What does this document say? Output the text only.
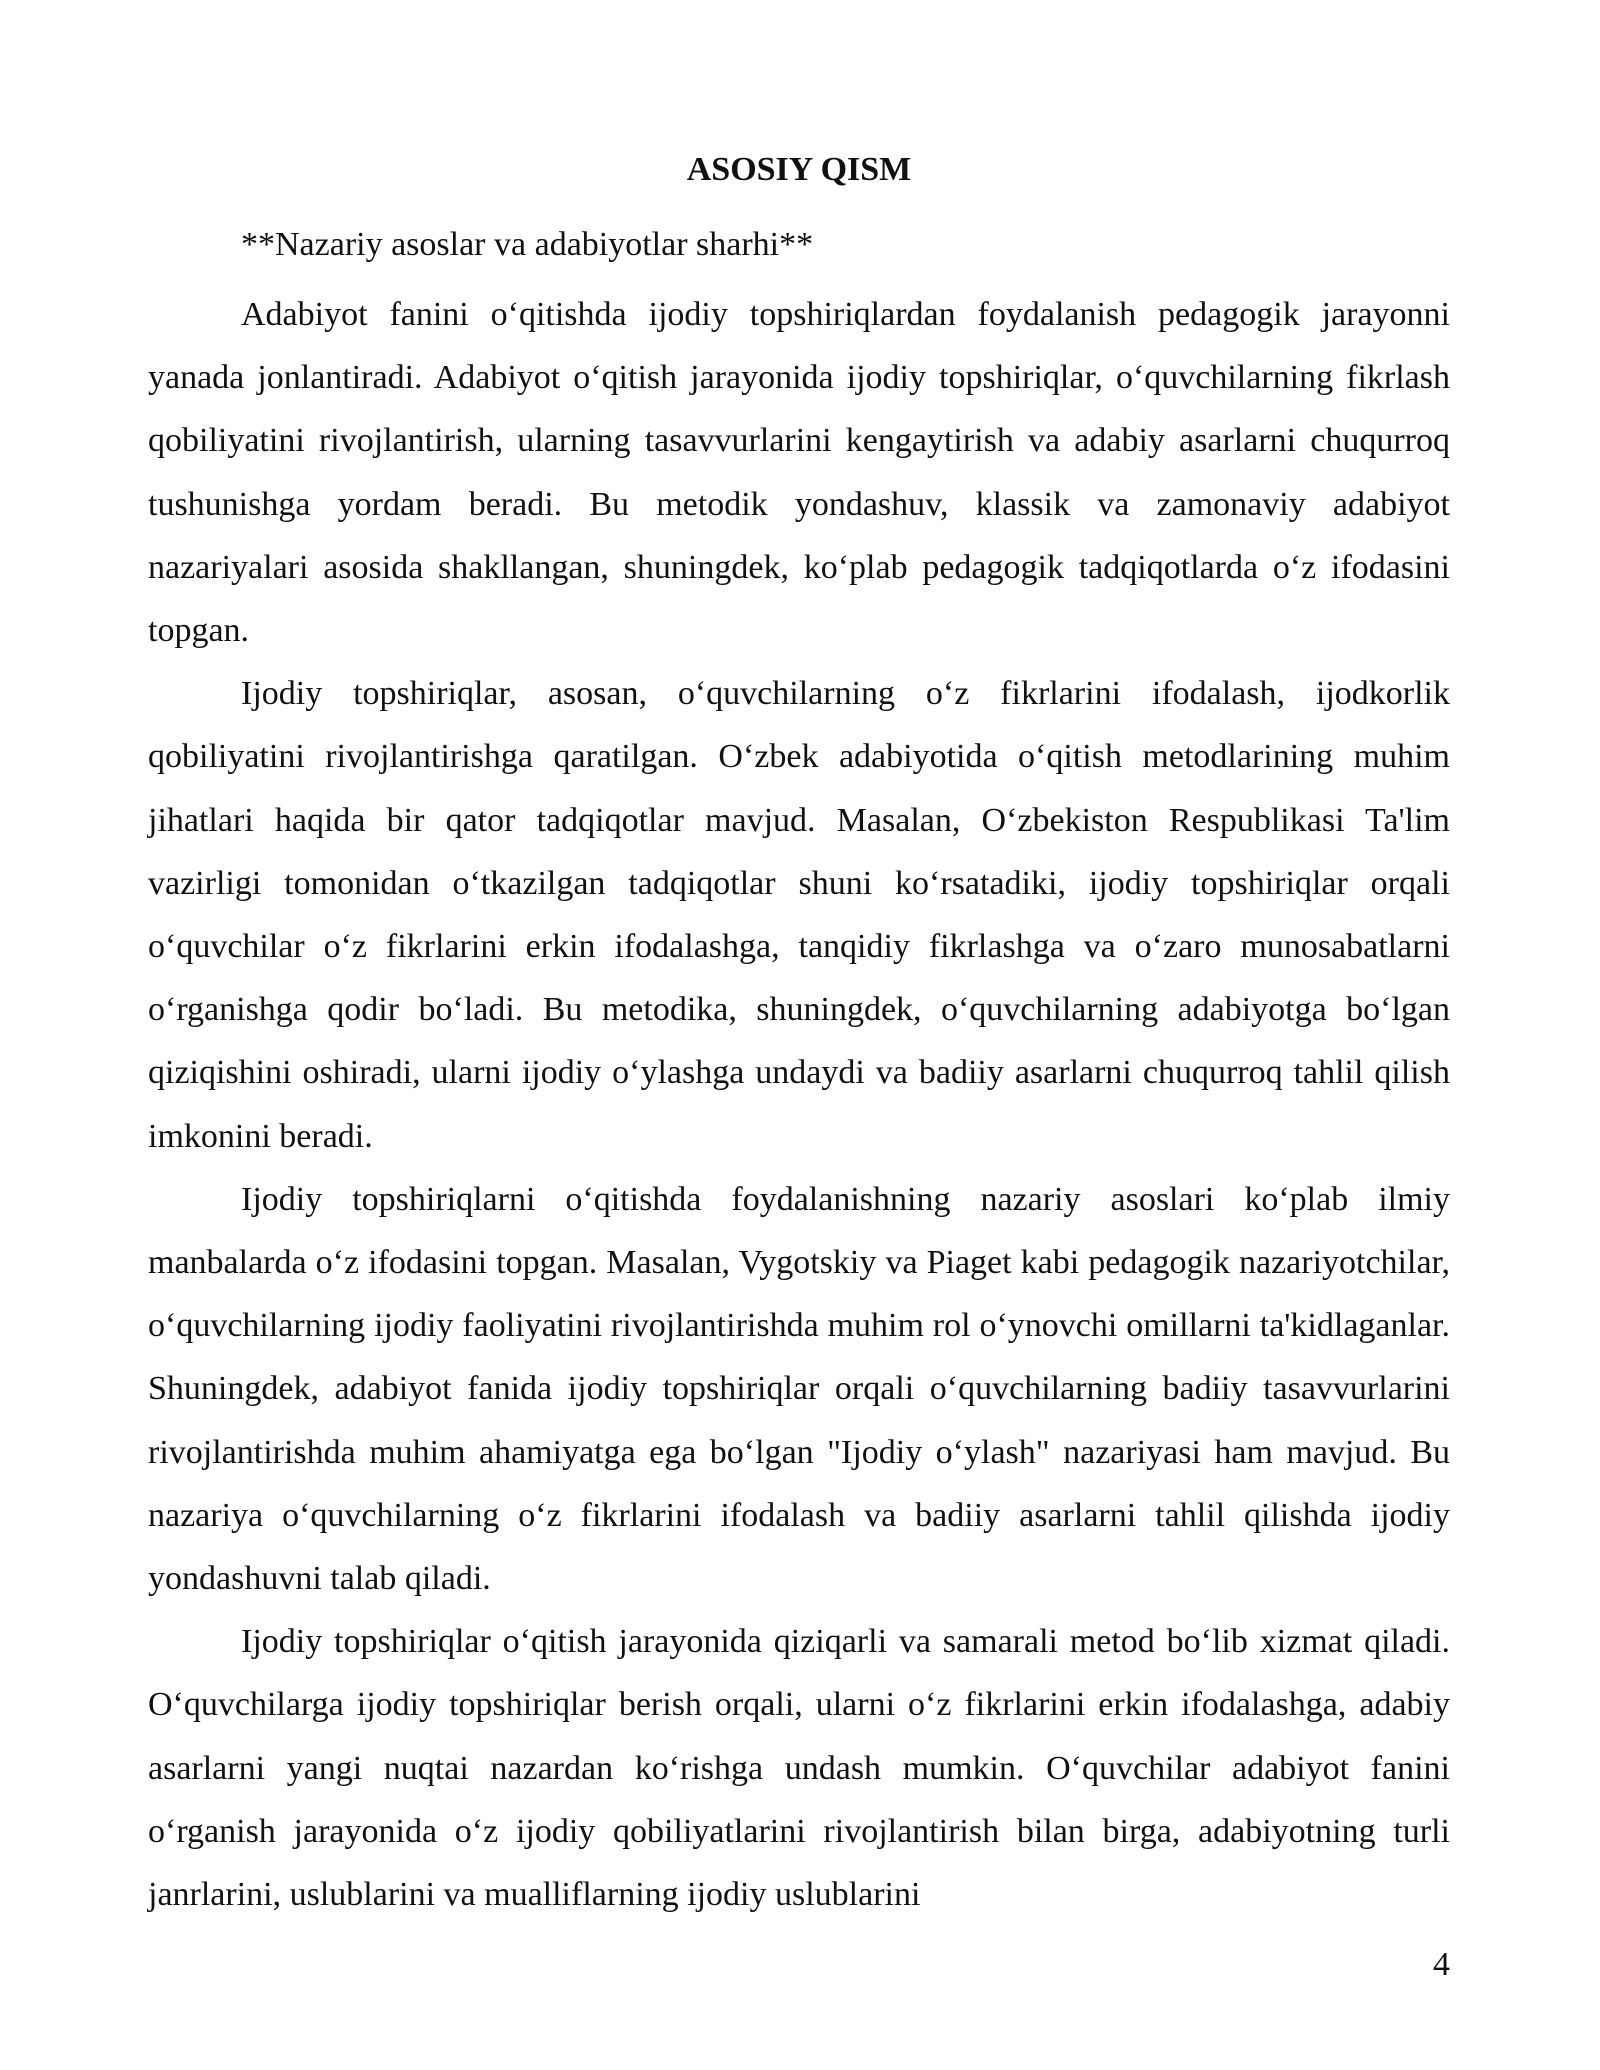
ASOSIY QISM

**Nazariy asoslar va adabiyotlar sharhi**

Adabiyot fanini o‘qitishda ijodiy topshiriqlardan foydalanish pedagogik jarayonni yanada jonlantiradi. Adabiyot o‘qitish jarayonida ijodiy topshiriqlar, o‘quvchilarning fikrlash qobiliyatini rivojlantirish, ularning tasavvurlarini kengaytirish va adabiy asarlarni chuqurroq tushunishga yordam beradi. Bu metodik yondashuv, klassik va zamonaviy adabiyot nazariyalari asosida shakllangan, shuningdek, ko‘plab pedagogik tadqiqotlarda o‘z ifodasini topgan.

Ijodiy topshiriqlar, asosan, o‘quvchilarning o‘z fikrlarini ifodalash, ijodkorlik qobiliyatini rivojlantirishga qaratilgan. O‘zbek adabiyotida o‘qitish metodlarining muhim jihatlari haqida bir qator tadqiqotlar mavjud. Masalan, O‘zbekiston Respublikasi Ta'lim vazirligi tomonidan o‘tkazilgan tadqiqotlar shuni ko‘rsatadiki, ijodiy topshiriqlar orqali o‘quvchilar o‘z fikrlarini erkin ifodalashga, tanqidiy fikrlashga va o‘zaro munosabatlarni o‘rganishga qodir bo‘ladi. Bu metodika, shuningdek, o‘quvchilarning adabiyotga bo‘lgan qiziqishini oshiradi, ularni ijodiy o‘ylashga undaydi va badiiy asarlarni chuqurroq tahlil qilish imkonini beradi.

Ijodiy topshiriqlarni o‘qitishda foydalanishning nazariy asoslari ko‘plab ilmiy manbalarda o‘z ifodasini topgan. Masalan, Vygotskiy va Piaget kabi pedagogik nazariyotchilar, o‘quvchilarning ijodiy faoliyatini rivojlantirishda muhim rol o‘ynovchi omillarni ta'kidlaganlar. Shuningdek, adabiyot fanida ijodiy topshiriqlar orqali o‘quvchilarning badiiy tasavvurlarini rivojlantirishda muhim ahamiyatga ega bo‘lgan "Ijodiy o‘ylash" nazariyasi ham mavjud. Bu nazariya o‘quvchilarning o‘z fikrlarini ifodalash va badiiy asarlarni tahlil qilishda ijodiy yondashuvni talab qiladi.

Ijodiy topshiriqlar o‘qitish jarayonida qiziqarli va samarali metod bo‘lib xizmat qiladi. O‘quvchilarga ijodiy topshiriqlar berish orqali, ularni o‘z fikrlarini erkin ifodalashga, adabiy asarlarni yangi nuqtai nazardan ko‘rishga undash mumkin. O‘quvchilar adabiyot fanini o‘rganish jarayonida o‘z ijodiy qobiliyatlarini rivojlantirish bilan birga, adabiyotning turli janrlarini, uslublarini va mualliflarning ijodiy uslublarini

4
